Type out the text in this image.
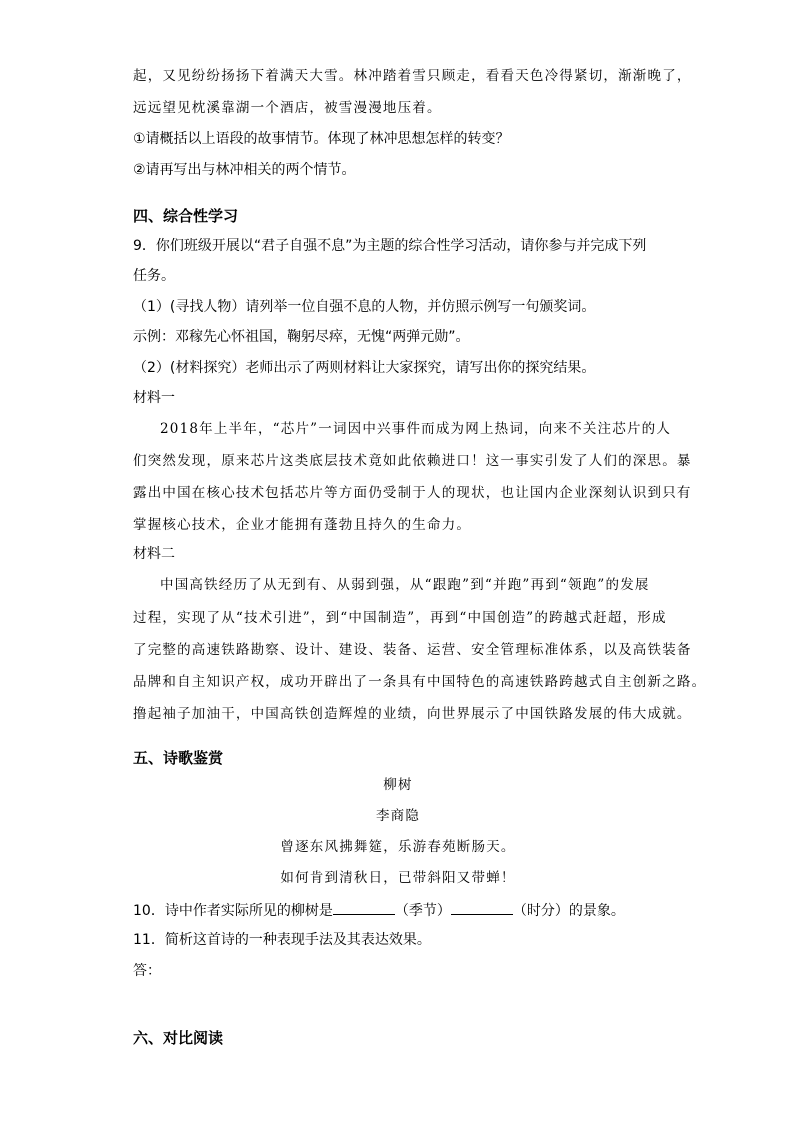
起，又见纷纷扬扬下着满天大雪。林冲踏着雪只顾走，看看天色冷得紧切，渐渐晚了，
远远望见枕溪靠湖一个酒店，被雪漫漫地压着。
①请概括以上语段的故事情节。体现了林冲思想怎样的转变？
②请再写出与林冲相关的两个情节。
四、综合性学习
9．你们班级开展以“君子自强不息”为主题的综合性学习活动，请你参与并完成下列
任务。
（1）(寻找人物）请列举一位自强不息的人物，并仿照示例写一句颁奖词。
示例：邓稼先心怀祖国，鞠躬尽瘁，无愧“两弹元勋”。
（2）(材料探究）老师出示了两则材料让大家探究，请写出你的探究结果。
材料一
2018年上半年，“芯片”一词因中兴事件而成为网上热词，向来不关注芯片的人
们突然发现，原来芯片这类底层技术竟如此依赖进口！这一事实引发了人们的深思。暴
露出中国在核心技术包括芯片等方面仍受制于人的现状，也让国内企业深刻认识到只有
掌握核心技术，企业才能拥有蓬勃且持久的生命力。
材料二
中国高铁经历了从无到有、从弱到强，从“跟跑”到“并跑”再到“领跑”的发展
过程，实现了从“技术引进”，到“中国制造”，再到“中国创造”的跨越式赶超，形成
了完整的高速铁路勘察、设计、建设、装备、运营、安全管理标准体系，以及高铁装备
品牌和自主知识产权，成功开辟出了一条具有中国特色的高速铁路跨越式自主创新之路。
撸起袖子加油干，中国高铁创造辉煌的业绩，向世界展示了中国铁路发展的伟大成就。
五、诗歌鉴赏
柳树
李商隐
曾逐东风拂舞筵，乐游春苑断肠天。
如何肯到清秋日，已带斜阳又带蝉！
10．诗中作者实际所见的柳树是	（季节）	（时分）的景象。
11．简析这首诗的一种表现手法及其表达效果。
答：
六、对比阅读
